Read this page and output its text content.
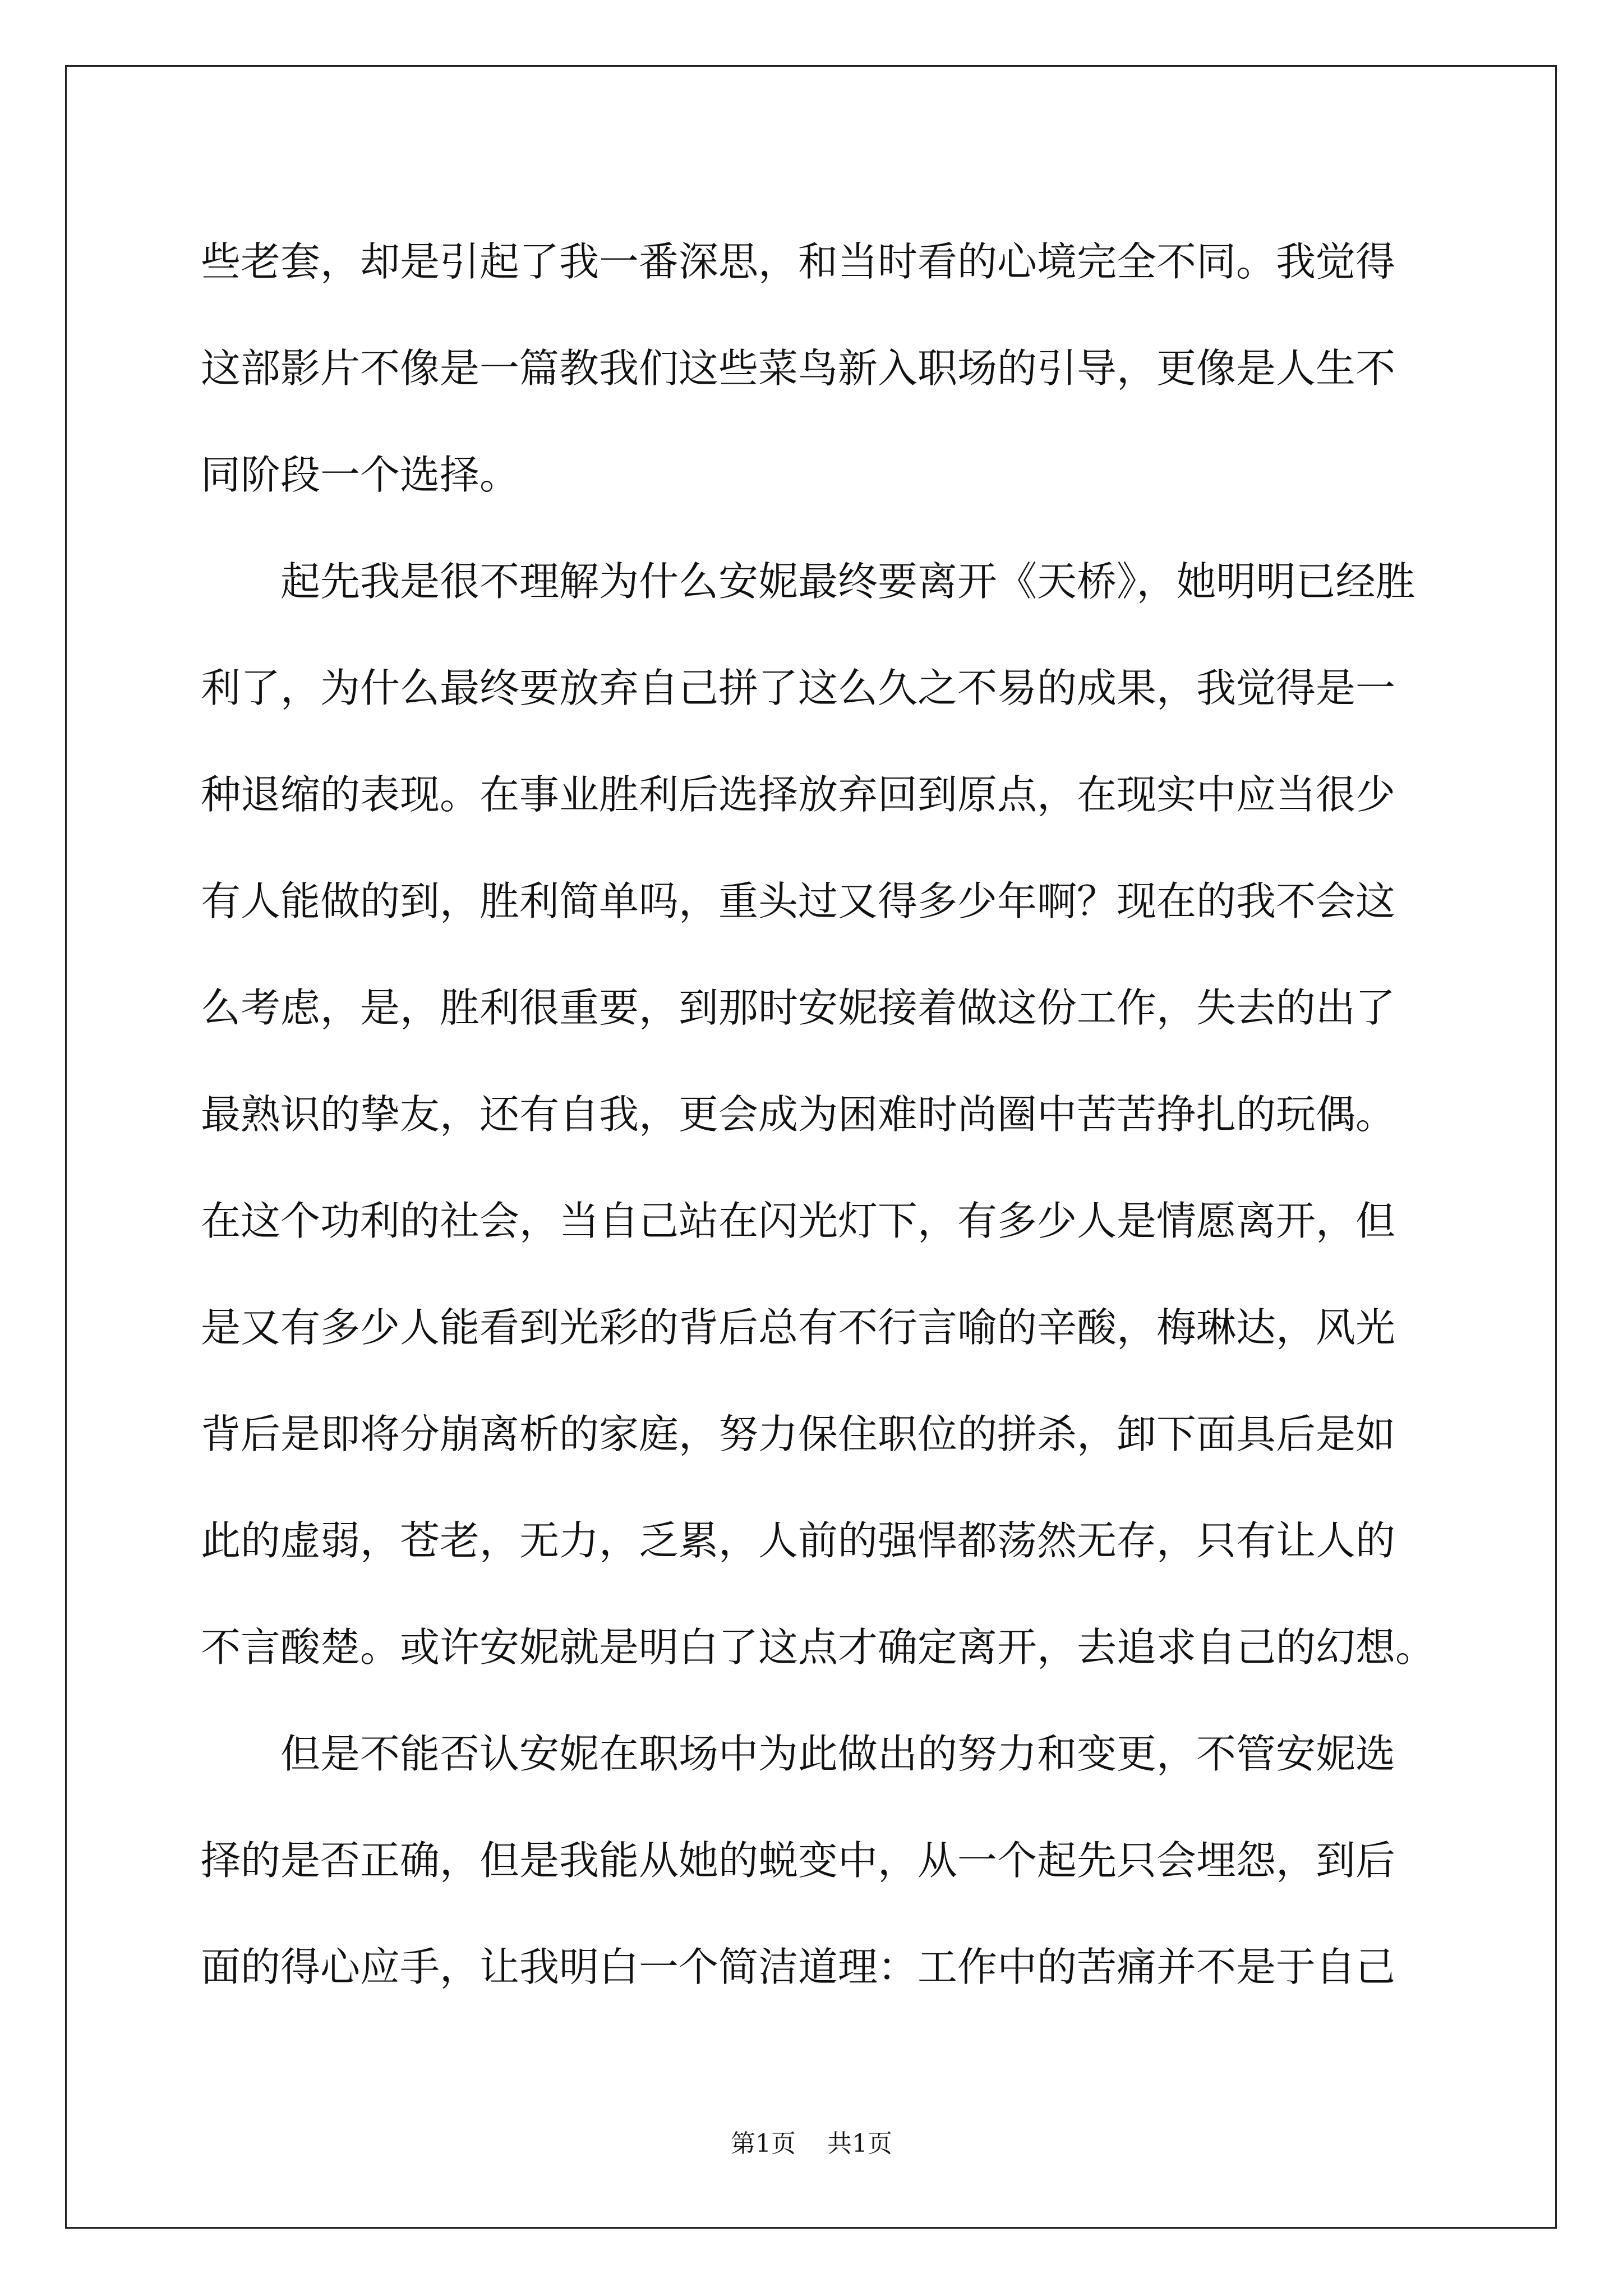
些老套，却是引起了我一番深思，和当时看的心境完全不同。我觉得
这部影片不像是一篇教我们这些菜鸟新入职场的引导，更像是人生不
同阶段一个选择。
　　起先我是很不理解为什么安妮最终要离开《天桥》，她明明已经胜
利了，为什么最终要放弃自己拼了这么久之不易的成果，我觉得是一
种退缩的表现。在事业胜利后选择放弃回到原点，在现实中应当很少
有人能做的到，胜利简单吗，重头过又得多少年啊？现在的我不会这
么考虑，是，胜利很重要，到那时安妮接着做这份工作，失去的出了
最熟识的挚友，还有自我，更会成为困难时尚圈中苦苦挣扎的玩偶。
在这个功利的社会，当自己站在闪光灯下，有多少人是情愿离开，但
是又有多少人能看到光彩的背后总有不行言喻的辛酸，梅琳达，风光
背后是即将分崩离析的家庭，努力保住职位的拼杀，卸下面具后是如
此的虚弱，苍老，无力，乏累，人前的强悍都荡然无存，只有让人的
不言酸楚。或许安妮就是明白了这点才确定离开，去追求自己的幻想。
　　但是不能否认安妮在职场中为此做出的努力和变更，不管安妮选
择的是否正确，但是我能从她的蜕变中，从一个起先只会埋怨，到后
面的得心应手，让我明白一个简洁道理：工作中的苦痛并不是于自己
第1页 共1页
